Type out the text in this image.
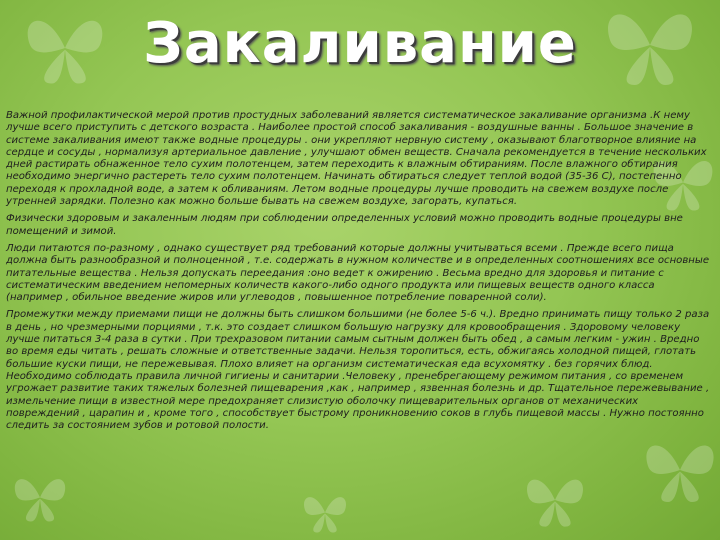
Закаливание

Важной профилактической мерой против простудных заболеваний является систематическое закаливание организма .К нему лучше всего приступить с детского возраста . Наиболее простой способ закаливания - воздушные ванны . Большое значение в системе закаливания имеют также водные процедуры . они укрепляют нервную систему , оказывают благотворное влияние на сердце и сосуды , нормализуя артериальное давление , улучшают обмен веществ. Сначала рекомендуется в течение нескольких дней растирать обнаженное тело сухим полотенцем, затем переходить к влажным обтираниям. После влажного обтирания необходимо энергично растереть тело сухим полотенцем. Начинать обтираться следует теплой водой (35-36 C), постепенно переходя к прохладной воде, а затем к обливаниям. Летом водные процедуры лучше проводить на свежем воздухе после утренней зарядки. Полезно как можно больше бывать на свежем воздухе, загорать, купаться.

Физически здоровым и закаленным людям при соблюдении определенных условий можно проводить водные процедуры вне помещений и зимой.

Люди питаются по-разному , однако существует ряд требований которые должны учитываться всеми . Прежде всего пища должна быть разнообразной и полноценной , т.е. содержать в нужном количестве и в определенных соотношениях все основные питательные вещества . Нельзя допускать переедания :оно ведет к ожирению . Весьма вредно для здоровья и питание с систематическим введением непомерных количеств какого-либо одного продукта или пищевых веществ одного класса (например , обильное введение жиров или углеводов , повышенное потребление поваренной соли).

Промежутки между приемами пищи не должны быть слишком большими (не более 5-6 ч.). Вредно принимать пищу только 2 раза в день , но чрезмерными порциями , т.к. это создает слишком большую нагрузку для кровообращения . Здоровому человеку лучше питаться 3-4 раза в сутки . При трехразовом питании самым сытным должен быть обед , а самым легким - ужин . Вредно во время еды читать , решать сложные и ответственные задачи. Нельзя торопиться, есть, обжигаясь холодной пищей, глотать большие куски пищи, не пережевывая. Плохо влияет на организм систематическая еда всухомятку . без горячих блюд. Необходимо соблюдать правила личной гигиены и санитарии .Человеку , пренебрегающему режимом питания , со временем угрожает развитие таких тяжелых болезней пищеварения ,как , например , язвенная болезнь и др. Тщательное пережевывание , измельчение пищи в известной мере предохраняет слизистую оболочку пищеварительных органов от механических повреждений , царапин и , кроме того , способствует быстрому проникновению соков в глубь пищевой массы . Нужно постоянно следить за состоянием зубов и ротовой полости.
